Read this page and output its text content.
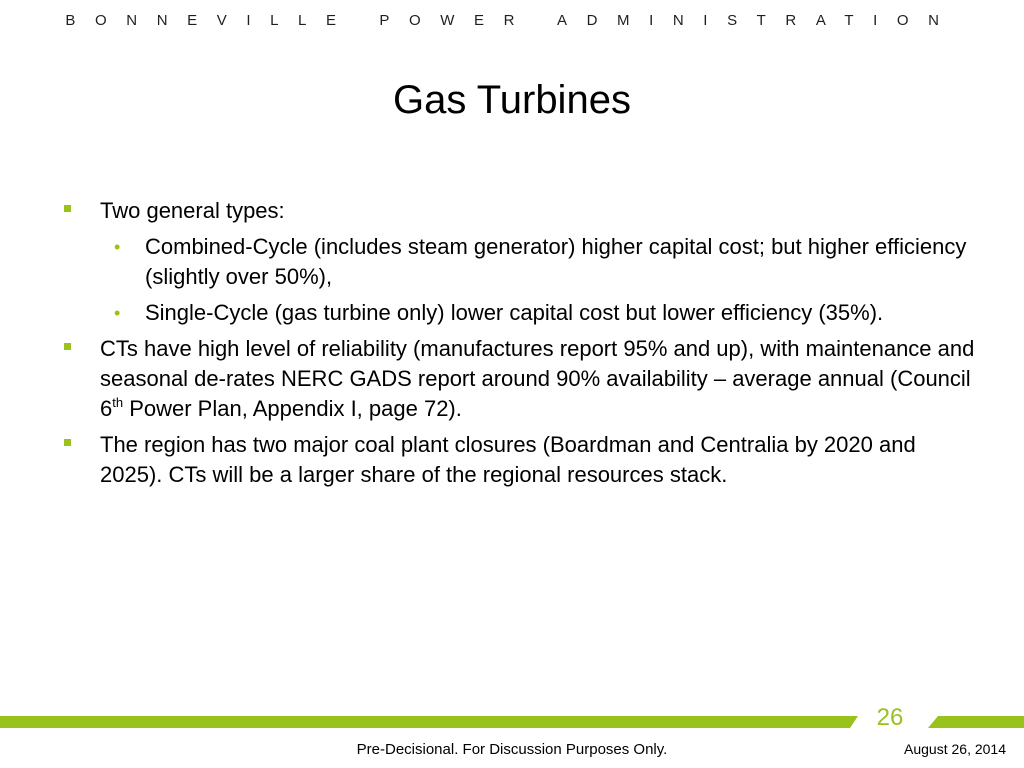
BONNEVILLE POWER ADMINISTRATION
Gas Turbines
Two general types:
• Combined-Cycle (includes steam generator) higher capital cost; but higher efficiency (slightly over 50%),
• Single-Cycle (gas turbine only) lower capital cost but lower efficiency (35%).
CTs have high level of reliability (manufactures report 95% and up), with maintenance and seasonal de-rates NERC GADS report around 90% availability – average annual (Council 6th Power Plan, Appendix I, page 72).
The region has two major coal plant closures (Boardman and Centralia by 2020 and 2025). CTs will be a larger share of the regional resources stack.
26
Pre-Decisional. For Discussion Purposes Only.	August 26, 2014
